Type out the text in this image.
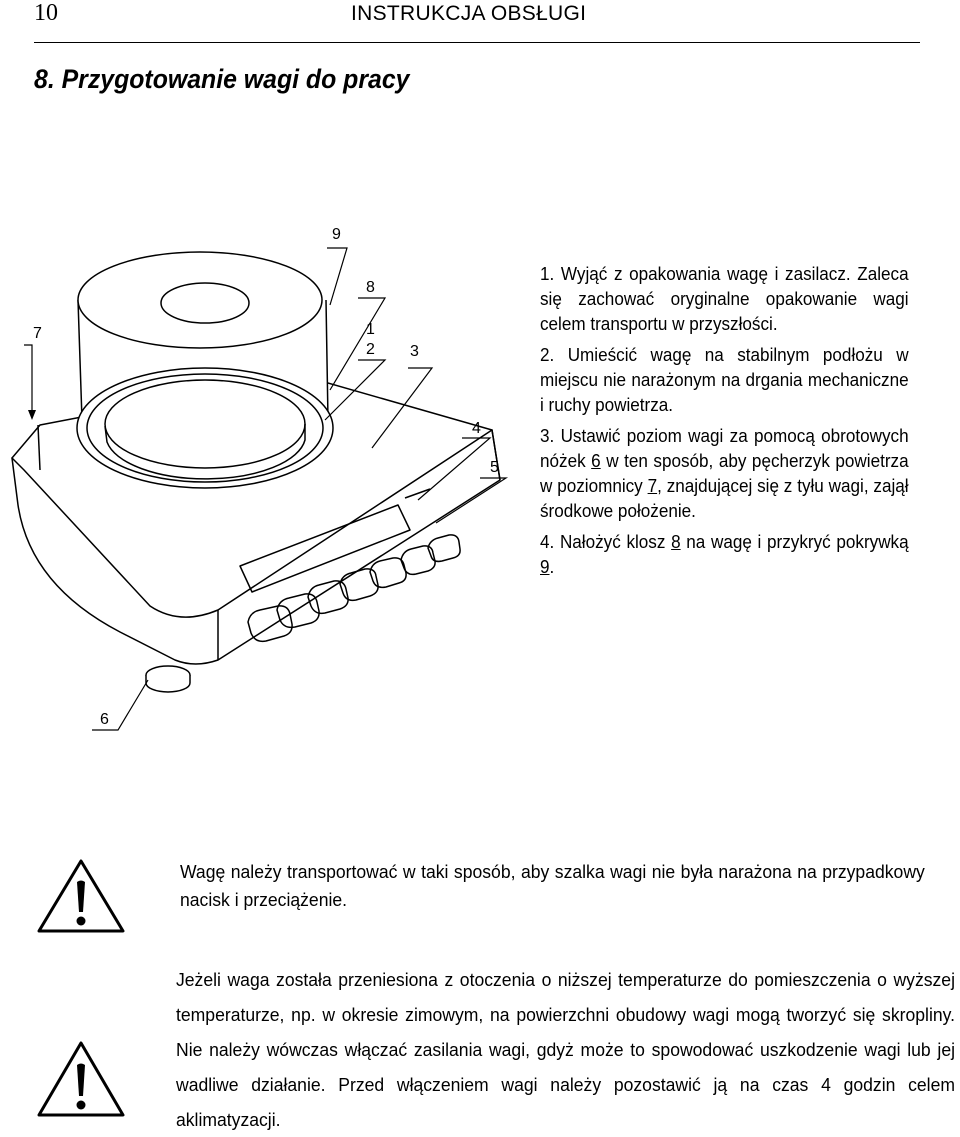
10	INSTRUKCJA OBSŁUGI
8. Przygotowanie wagi do pracy
9
8
7	1
2 3
4
5
6

1. Wyjąć z opakowania wagę i zasilacz. Zaleca się zachować oryginalne opakowanie wagi celem transportu w przyszłości.

2. Umieścić wagę na stabilnym podłożu w miejscu nie narażonym na drgania mechaniczne i ruchy powietrza.

3. Ustawić poziom wagi za pomocą obrotowych nóżek 6 w ten sposób, aby pęcherzyk powietrza w poziomnicy 7, znajdującej się z tyłu wagi, zajął środkowe położenie.

4. Nałożyć klosz 8 na wagę i przykryć pokrywką 9.

Wagę należy transportować w taki sposób, aby szalka wagi nie była narażona na przypadkowy nacisk i przeciążenie.
Jeżeli waga została przeniesiona z otoczenia o niższej temperaturze do pomieszczenia o wyższej temperaturze, np. w okresie zimowym, na powierzchni obudowy wagi mogą tworzyć się skropliny. Nie należy wówczas włączać zasilania wagi, gdyż może to spowodować uszkodzenie wagi lub jej wadliwe działanie. Przed włączeniem wagi należy pozostawić ją na czas 4 godzin celem aklimatyzacji.
